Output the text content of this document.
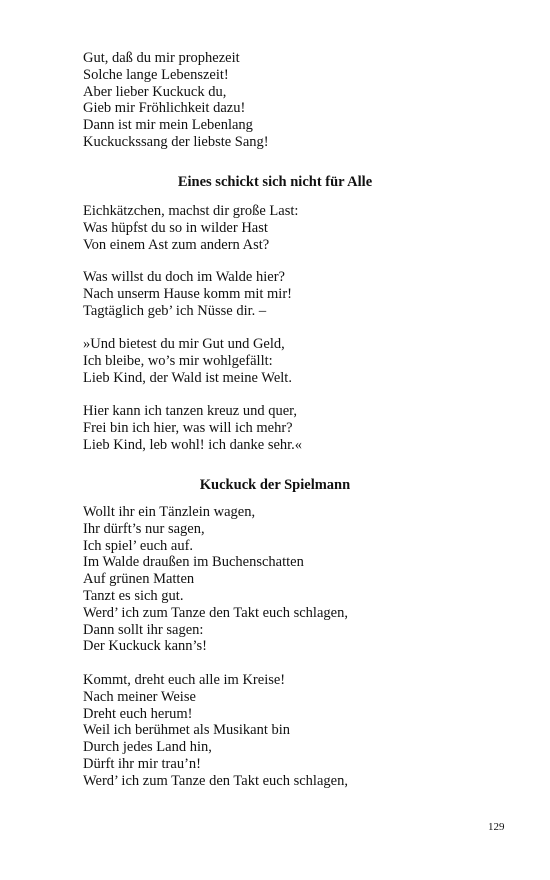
Gut, daß du mir prophezeit
Solche lange Lebenszeit!
Aber lieber Kuckuck du,
Gieb mir Fröhlichkeit dazu!
Dann ist mir mein Lebenlang
Kuckuckssang der liebste Sang!
Eines schickt sich nicht für Alle
Eichkätzchen, machst dir große Last:
Was hüpfst du so in wilder Hast
Von einem Ast zum andern Ast?
Was willst du doch im Walde hier?
Nach unserm Hause komm mit mir!
Tagtäglich geb’ ich Nüsse dir. –
»Und bietest du mir Gut und Geld,
Ich bleibe, wo’s mir wohlgefällt:
Lieb Kind, der Wald ist meine Welt.
Hier kann ich tanzen kreuz und quer,
Frei bin ich hier, was will ich mehr?
Lieb Kind, leb wohl! ich danke sehr.«
Kuckuck der Spielmann
Wollt ihr ein Tänzlein wagen,
Ihr dürft’s nur sagen,
Ich spiel’ euch auf.
Im Walde draußen im Buchenschatten
Auf grünen Matten
Tanzt es sich gut.
Werd’ ich zum Tanze den Takt euch schlagen,
Dann sollt ihr sagen:
Der Kuckuck kann’s!
Kommt, dreht euch alle im Kreise!
Nach meiner Weise
Dreht euch herum!
Weil ich berühmet als Musikant bin
Durch jedes Land hin,
Dürft ihr mir trau’n!
Werd’ ich zum Tanze den Takt euch schlagen,
129
